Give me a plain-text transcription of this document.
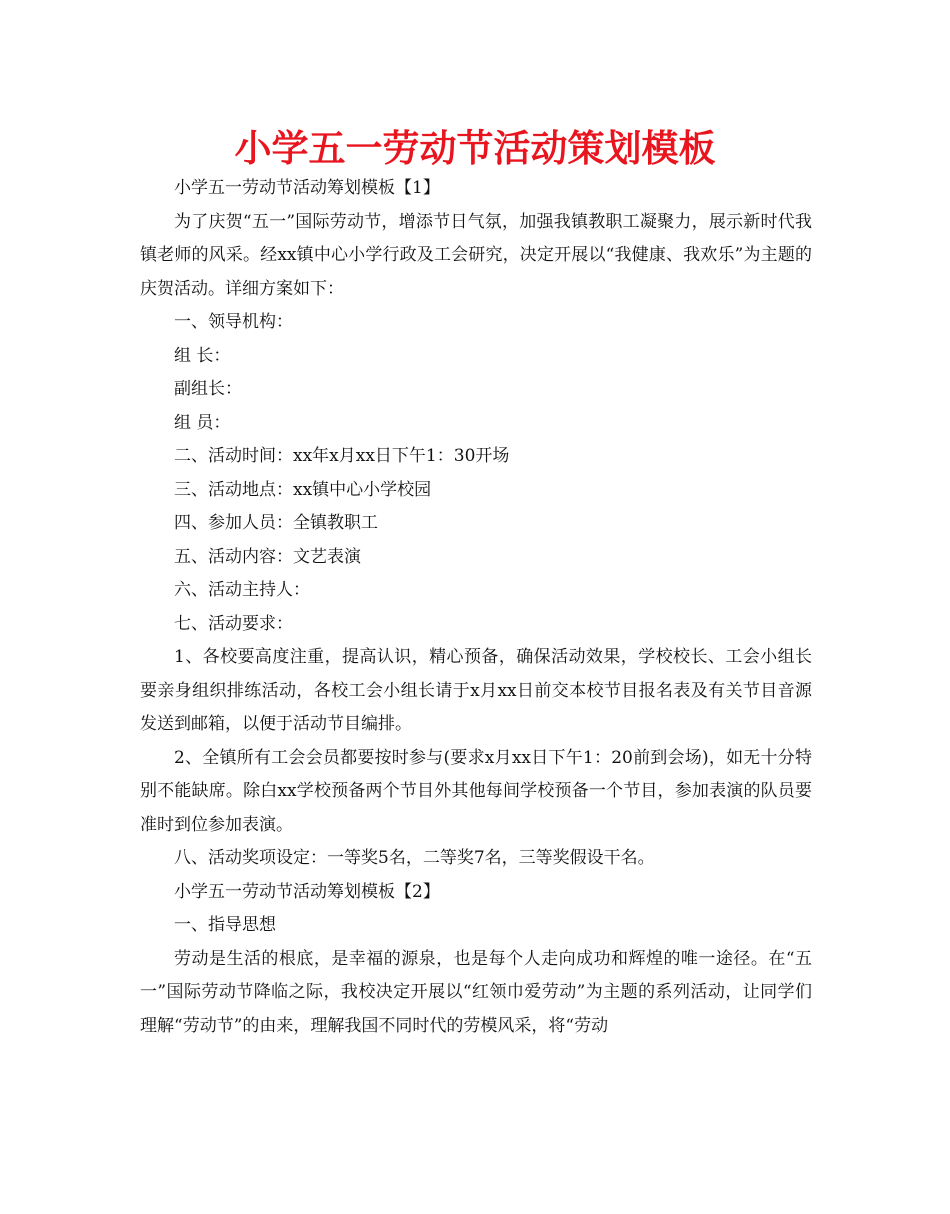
小学五一劳动节活动策划模板

小学五一劳动节活动筹划模板【1】

为了庆贺“五一”国际劳动节，增添节日气氛，加强我镇教职工凝聚力，展示新时代我镇老师的风采。经xx镇中心小学行政及工会研究，决定开展以“我健康、我欢乐”为主题的庆贺活动。详细方案如下：

一、领导机构：

组 长：

副组长：

组 员：

二、活动时间：xx年x月xx日下午1：30开场

三、活动地点：xx镇中心小学校园

四、参加人员：全镇教职工

五、活动内容：文艺表演

六、活动主持人：

七、活动要求：

1、各校要高度注重，提高认识，精心预备，确保活动效果，学校校长、工会小组长要亲身组织排练活动，各校工会小组长请于x月xx日前交本校节目报名表及有关节目音源发送到邮箱，以便于活动节目编排。

2、全镇所有工会会员都要按时参与(要求x月xx日下午1：20前到会场)，如无十分特别不能缺席。除白xx学校预备两个节目外其他每间学校预备一个节目，参加表演的队员要准时到位参加表演。

八、活动奖项设定：一等奖5名，二等奖7名，三等奖假设干名。

小学五一劳动节活动筹划模板【2】

一、指导思想

劳动是生活的根底，是幸福的源泉，也是每个人走向成功和辉煌的唯一途径。在“五一”国际劳动节降临之际，我校决定开展以“红领巾爱劳动”为主题的系列活动，让同学们理解“劳动节”的由来，理解我国不同时代的劳模风采，将“劳动
